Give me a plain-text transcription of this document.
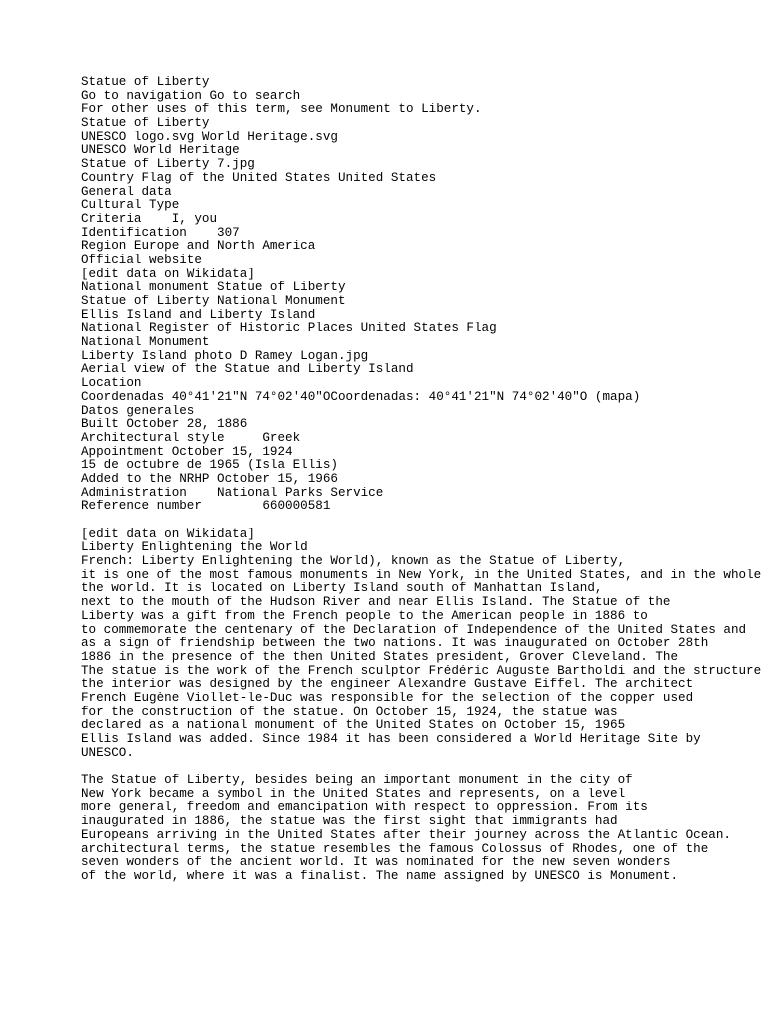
Statue of Liberty
Go to navigation Go to search
For other uses of this term, see Monument to Liberty.
Statue of Liberty
UNESCO logo.svg World Heritage.svg
UNESCO World Heritage
Statue of Liberty 7.jpg
Country Flag of the United States United States
General data
Cultural Type
Criteria    I, you
Identification    307
Region Europe and North America
Official website
[edit data on Wikidata]
National monument Statue of Liberty
Statue of Liberty National Monument
Ellis Island and Liberty Island
National Register of Historic Places United States Flag
National Monument
Liberty Island photo D Ramey Logan.jpg
Aerial view of the Statue and Liberty Island
Location
Coordenadas 40°41'21"N 74°02'40"OCoordenadas: 40°41'21"N 74°02'40"O (mapa)
Datos generales
Built October 28, 1886
Architectural style     Greek
Appointment October 15, 1924
15 de octubre de 1965 (Isla Ellis)
Added to the NRHP October 15, 1966
Administration    National Parks Service
Reference number        660000581
[edit data on Wikidata]
Liberty Enlightening the World
French: Liberty Enlightening the World), known as the Statue of Liberty,
it is one of the most famous monuments in New York, in the United States, and in the whole
the world. It is located on Liberty Island south of Manhattan Island,
next to the mouth of the Hudson River and near Ellis Island. The Statue of the
Liberty was a gift from the French people to the American people in 1886 to
to commemorate the centenary of the Declaration of Independence of the United States and
as a sign of friendship between the two nations. It was inaugurated on October 28th
1886 in the presence of the then United States president, Grover Cleveland. The
The statue is the work of the French sculptor Frédéric Auguste Bartholdi and the structure
the interior was designed by the engineer Alexandre Gustave Eiffel. The architect
French Eugène Viollet-le-Duc was responsible for the selection of the copper used
for the construction of the statue. On October 15, 1924, the statue was
declared as a national monument of the United States on October 15, 1965
Ellis Island was added. Since 1984 it has been considered a World Heritage Site by
UNESCO.
The Statue of Liberty, besides being an important monument in the city of
New York became a symbol in the United States and represents, on a level
more general, freedom and emancipation with respect to oppression. From its
inaugurated in 1886, the statue was the first sight that immigrants had
Europeans arriving in the United States after their journey across the Atlantic Ocean.
architectural terms, the statue resembles the famous Colossus of Rhodes, one of the
seven wonders of the ancient world. It was nominated for the new seven wonders
of the world, where it was a finalist. The name assigned by UNESCO is Monument.
